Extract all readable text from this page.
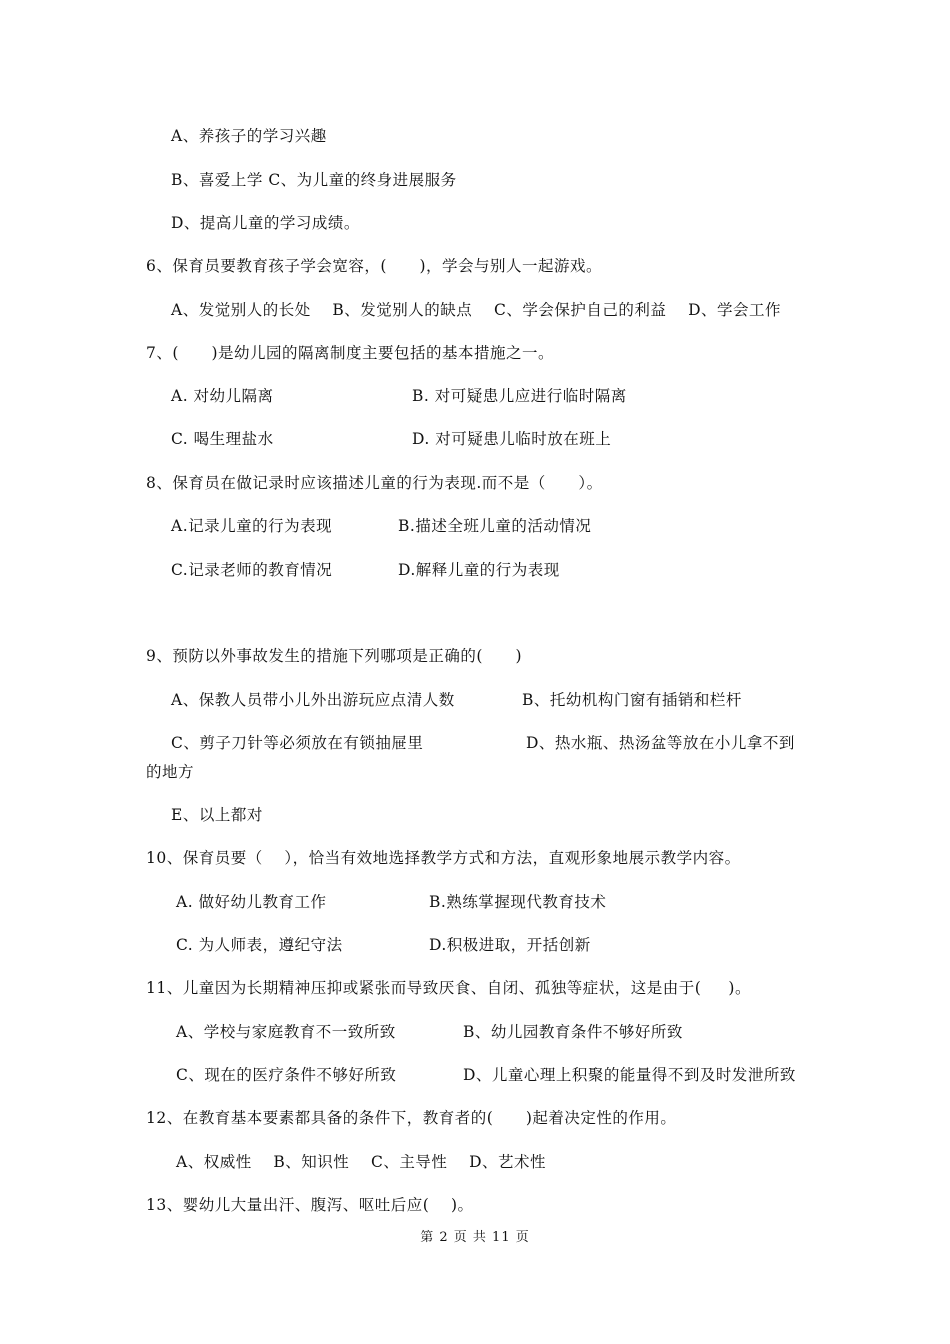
A、养孩子的学习兴趣
B、喜爱上学 C、为儿童的终身进展服务
D、提高儿童的学习成绩。
6、保育员要教育孩子学会宽容，(      )，学会与别人一起游戏。
A、发觉别人的长处    B、发觉别人的缺点    C、学会保护自己的利益    D、学会工作
7、(      )是幼儿园的隔离制度主要包括的基本措施之一。
A. 对幼儿隔离	B. 对可疑患儿应进行临时隔离
C. 喝生理盐水	D. 对可疑患儿临时放在班上
8、保育员在做记录时应该描述儿童的行为表现.而不是（      ）。
A.记录儿童的行为表现	B.描述全班儿童的活动情况
C.记录老师的教育情况	D.解释儿童的行为表现
9、预防以外事故发生的措施下列哪项是正确的(      )
A、保教人员带小儿外出游玩应点清人数	B、托幼机构门窗有插销和栏杆
C、剪子刀针等必须放在有锁抽屉里	D、热水瓶、热汤盆等放在小儿拿不到
的地方
E、以上都对
10、保育员要（    ），恰当有效地选择教学方式和方法，直观形象地展示教学内容。
A. 做好幼儿教育工作	B.熟练掌握现代教育技术
C. 为人师表，遵纪守法	D.积极进取，开括创新
11、儿童因为长期精神压抑或紧张而导致厌食、自闭、孤独等症状，这是由于(     )。
A、学校与家庭教育不一致所致	B、幼儿园教育条件不够好所致
C、现在的医疗条件不够好所致	D、儿童心理上积聚的能量得不到及时发泄所致
12、在教育基本要素都具备的条件下，教育者的(      )起着决定性的作用。
A、权威性    B、知识性    C、主导性    D、艺术性
13、婴幼儿大量出汗、腹泻、呕吐后应(    )。
第 2 页 共 11 页
